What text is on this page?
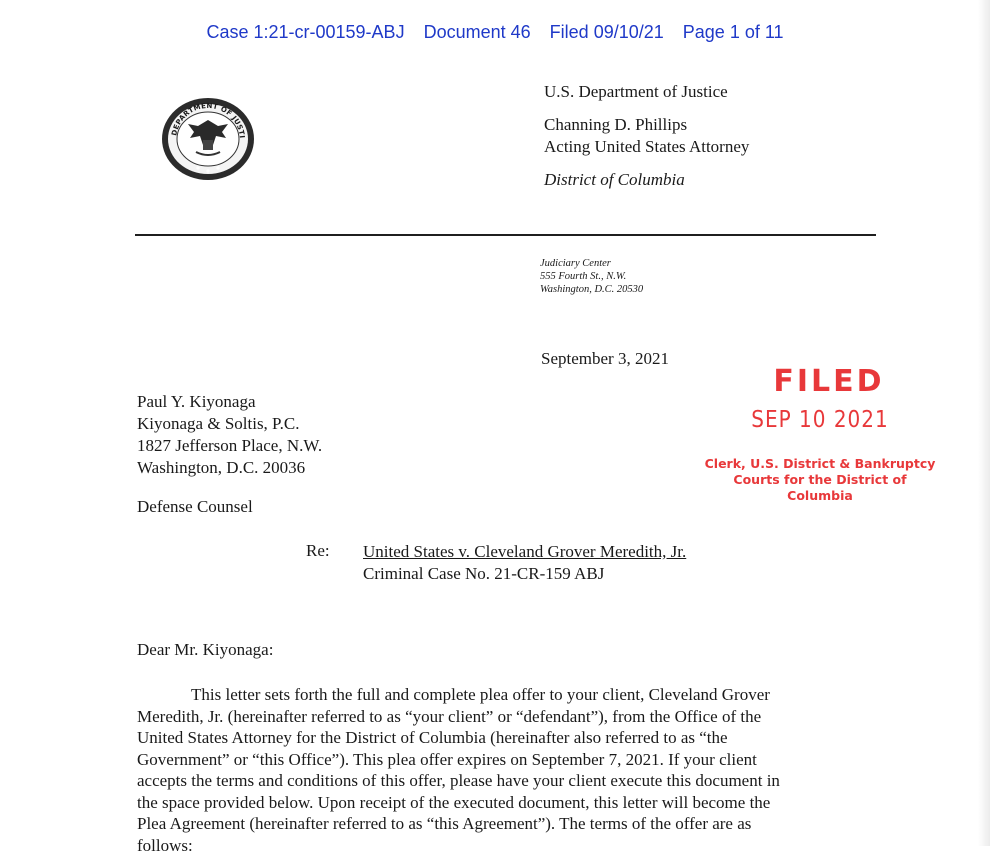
Case 1:21-cr-00159-ABJ Document 46 Filed 09/10/21 Page 1 of 11
DEPARTMENT OF JUSTI
U.S. Department of Justice
Channing D. Phillips
Acting United States Attorney
District of Columbia
Judiciary Center
555 Fourth St., N.W.
Washington, D.C. 20530
September 3, 2021
FILED
SEP 10 2021
Clerk, U.S. District & Bankruptcy
Courts for the District of Columbia
Paul Y. Kiyonaga
Kiyonaga & Soltis, P.C.
1827 Jefferson Place, N.W.
Washington, D.C. 20036
Defense Counsel
Re: United States v. Cleveland Grover Meredith, Jr.
Criminal Case No. 21-CR-159 ABJ
Dear Mr. Kiyonaga:
This letter sets forth the full and complete plea offer to your client, Cleveland Grover
Meredith, Jr. (hereinafter referred to as “your client” or “defendant”), from the Office of the
United States Attorney for the District of Columbia (hereinafter also referred to as “the
Government” or “this Office”). This plea offer expires on September 7, 2021. If your client
accepts the terms and conditions of this offer, please have your client execute this document in
the space provided below. Upon receipt of the executed document, this letter will become the
Plea Agreement (hereinafter referred to as “this Agreement”). The terms of the offer are as
follows:
